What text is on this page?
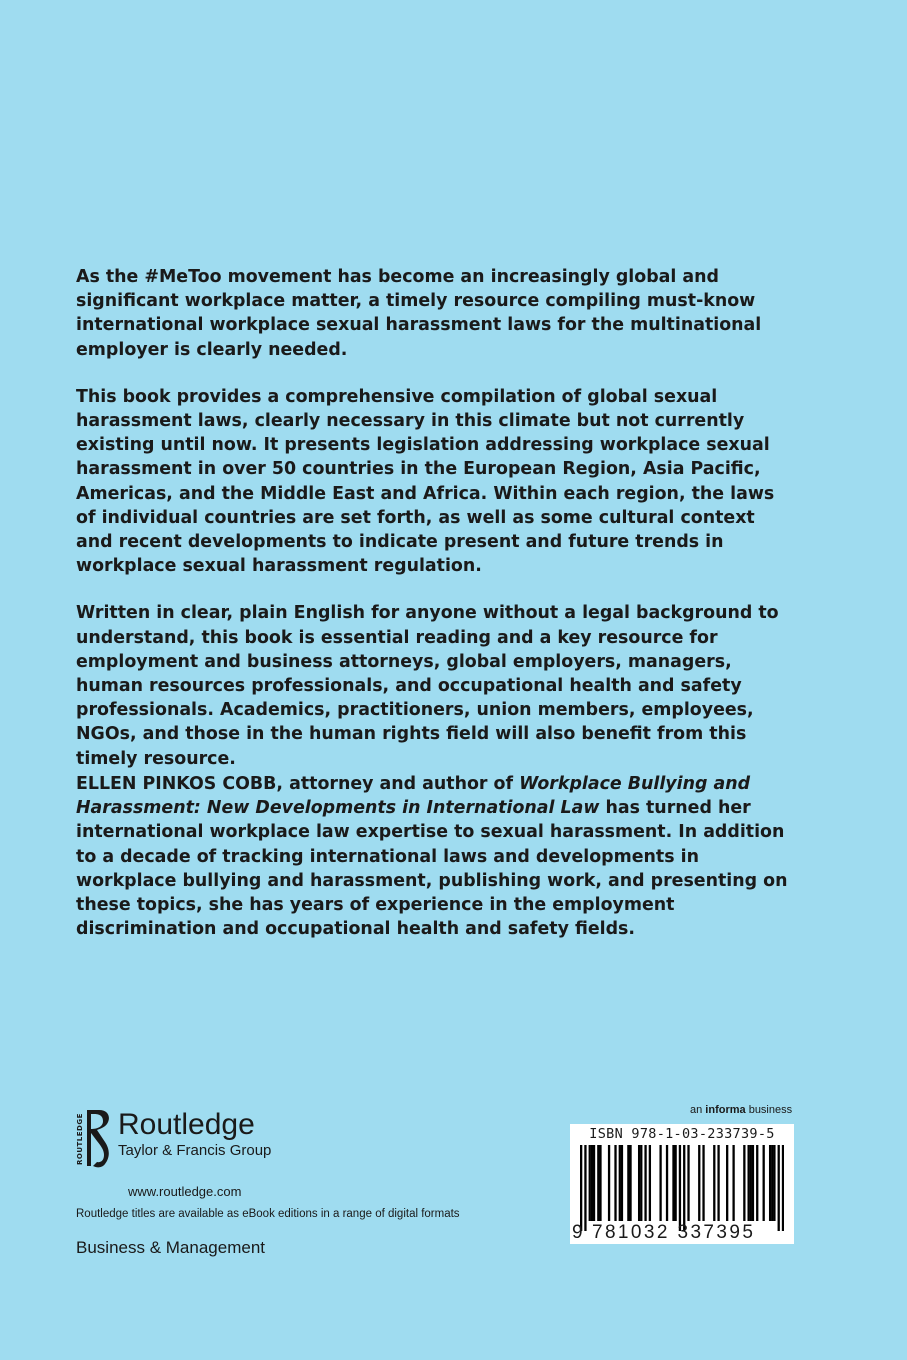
As the #MeToo movement has become an increasingly global and significant workplace matter, a timely resource compiling must-know international workplace sexual harassment laws for the multinational employer is clearly needed.

This book provides a comprehensive compilation of global sexual harassment laws, clearly necessary in this climate but not currently existing until now. It presents legislation addressing workplace sexual harassment in over 50 countries in the European Region, Asia Pacific, Americas, and the Middle East and Africa. Within each region, the laws of individual countries are set forth, as well as some cultural context and recent developments to indicate present and future trends in workplace sexual harassment regulation.

Written in clear, plain English for anyone without a legal background to understand, this book is essential reading and a key resource for employment and business attorneys, global employers, managers, human resources professionals, and occupational health and safety professionals. Academics, practitioners, union members, employees, NGOs, and those in the human rights field will also benefit from this timely resource.

ELLEN PINKOS COBB, attorney and author of Workplace Bullying and Harassment: New Developments in International Law has turned her international workplace law expertise to sexual harassment. In addition to a decade of tracking international laws and developments in workplace bullying and harassment, publishing work, and presenting on these topics, she has years of experience in the employment discrimination and occupational health and safety fields.

ROUTLEDGE Routledge
Taylor & Francis Group
www.routledge.com
Routledge titles are available as eBook editions in a range of digital formats
Business & Management
an informa business
ISBN 978-1-03-233739-5
9 781032 337395
